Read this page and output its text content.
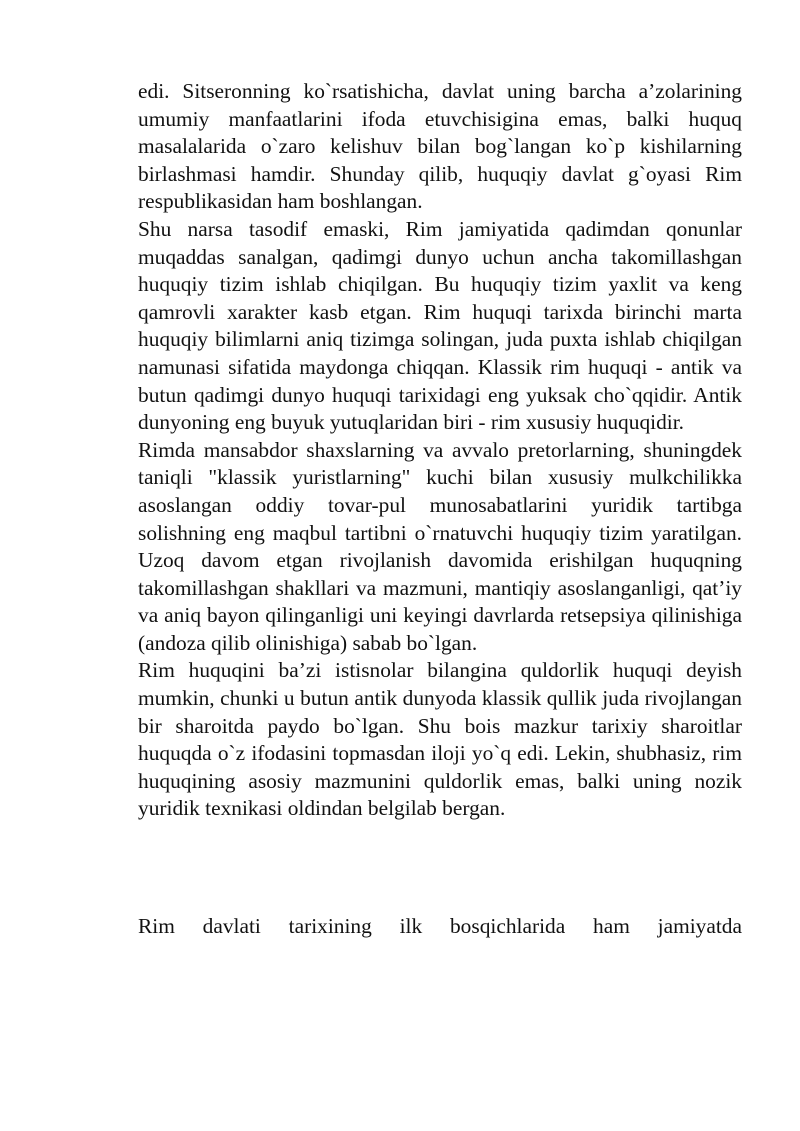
edi. Sitseronning ko`rsatishicha, davlat uning barcha a’zolarining umumiy manfaatlarini ifoda etuvchisigina emas, balki huquq masalalarida o`zaro kelishuv bilan bog`langan ko`p kishilarning birlashmasi hamdir. Shunday qilib, huquqiy davlat g`oyasi Rim respublikasidan ham boshlangan.

Shu narsa tasodif emaski, Rim jamiyatida qadimdan qonunlar muqaddas sanalgan, qadimgi dunyo uchun ancha takomillashgan huquqiy tizim ishlab chiqilgan. Bu huquqiy tizim yaxlit va keng qamrovli xarakter kasb etgan. Rim huquqi tarixda birinchi marta huquqiy bilimlarni aniq tizimga solingan, juda puxta ishlab chiqilgan namunasi sifatida maydonga chiqqan. Klassik rim huquqi - antik va butun qadimgi dunyo huquqi tarixidagi eng yuksak cho`qqidir. Antik dunyoning eng buyuk yutuqlaridan biri - rim xususiy huquqidir.

Rimda mansabdor shaxslarning va avvalo pretorlarning, shuningdek taniqli "klassik yuristlarning" kuchi bilan xususiy mulkchilikka asoslangan oddiy tovar-pul munosabatlarini yuridik tartibga solishning eng maqbul tartibni o`rnatuvchi huquqiy tizim yaratilgan. Uzoq davom etgan rivojlanish davomida erishilgan huquqning takomillashgan shakllari va mazmuni, mantiqiy asoslanganligi, qat’iy va aniq bayon qilinganligi uni keyingi davrlarda retsepsiya qilinishiga (andoza qilib olinishiga) sabab bo`lgan.

Rim huquqini ba’zi istisnolar bilangina quldorlik huquqi deyish mumkin, chunki u butun antik dunyoda klassik qullik juda rivojlangan bir sharoitda paydo bo`lgan. Shu bois mazkur tarixiy sharoitlar huquqda o`z ifodasini topmasdan iloji yo`q edi. Lekin, shubhasiz, rim huquqining asosiy mazmunini quldorlik emas, balki uning nozik yuridik texnikasi oldindan belgilab bergan.

Rim davlati tarixining ilk bosqichlarida ham jamiyatda
